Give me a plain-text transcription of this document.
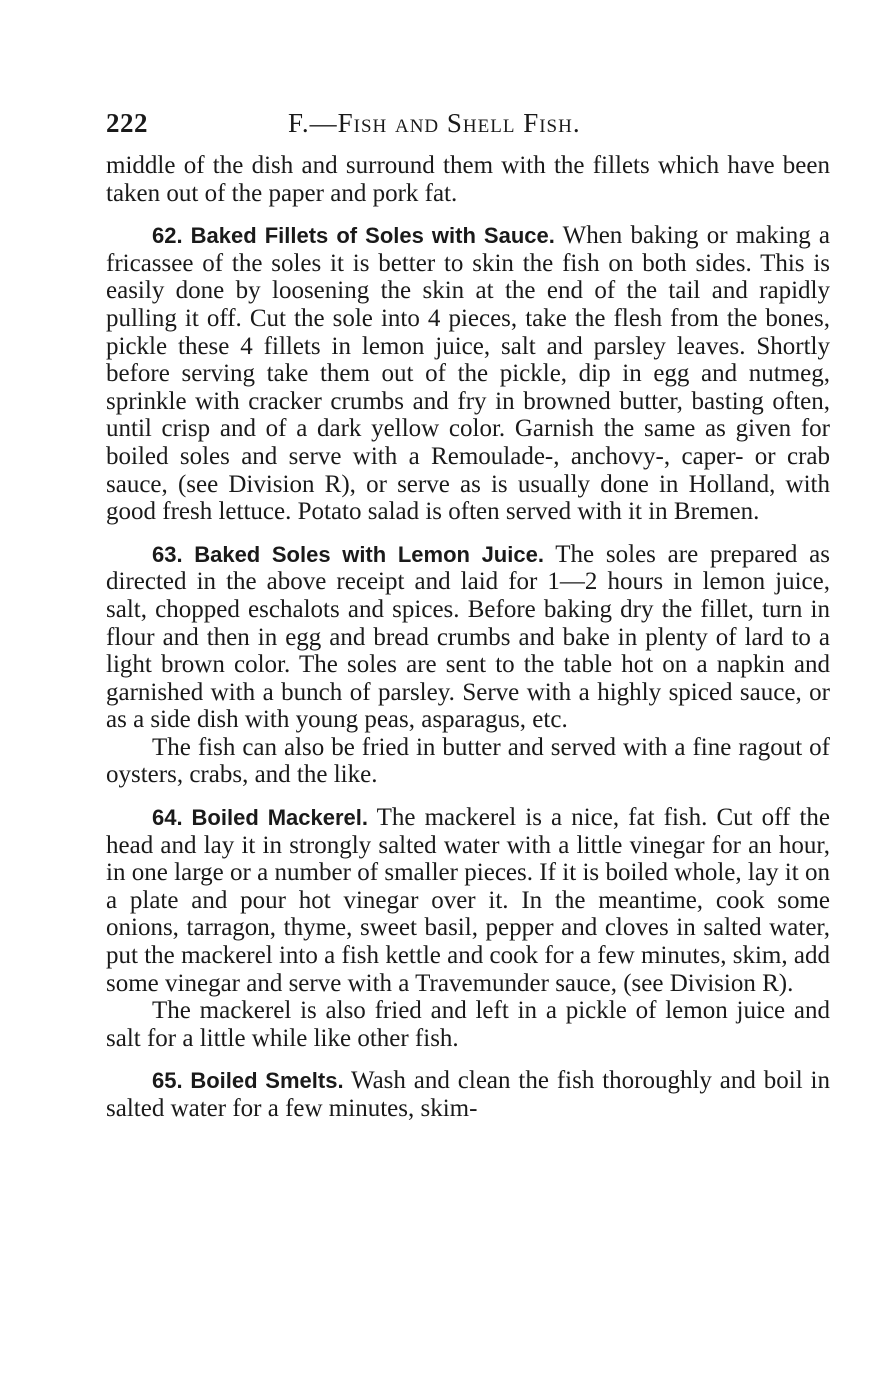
222	F.—Fish and Shell Fish.

middle of the dish and surround them with the fillets which have been taken out of the paper and pork fat.

62. Baked Fillets of Soles with Sauce. When baking or making a fricassee of the soles it is better to skin the fish on both sides. This is easily done by loosening the skin at the end of the tail and rapidly pulling it off. Cut the sole into 4 pieces, take the flesh from the bones, pickle these 4 fillets in lemon juice, salt and parsley leaves. Shortly before serving take them out of the pickle, dip in egg and nutmeg, sprinkle with cracker crumbs and fry in browned butter, basting often, until crisp and of a dark yellow color. Garnish the same as given for boiled soles and serve with a Remoulade-, anchovy-, caper- or crab sauce, (see Division R), or serve as is usually done in Holland, with good fresh lettuce. Potato salad is often served with it in Bremen.

63. Baked Soles with Lemon Juice. The soles are prepared as directed in the above receipt and laid for 1—2 hours in lemon juice, salt, chopped eschalots and spices. Before baking dry the fillet, turn in flour and then in egg and bread crumbs and bake in plenty of lard to a light brown color. The soles are sent to the table hot on a napkin and garnished with a bunch of parsley. Serve with a highly spiced sauce, or as a side dish with young peas, asparagus, etc.

The fish can also be fried in butter and served with a fine ragout of oysters, crabs, and the like.

64. Boiled Mackerel. The mackerel is a nice, fat fish. Cut off the head and lay it in strongly salted water with a little vinegar for an hour, in one large or a number of smaller pieces. If it is boiled whole, lay it on a plate and pour hot vinegar over it. In the meantime, cook some onions, tarragon, thyme, sweet basil, pepper and cloves in salted water, put the mackerel into a fish kettle and cook for a few minutes, skim, add some vinegar and serve with a Travemunder sauce, (see Division R).

The mackerel is also fried and left in a pickle of lemon juice and salt for a little while like other fish.

65. Boiled Smelts. Wash and clean the fish thoroughly and boil in salted water for a few minutes, skim-
